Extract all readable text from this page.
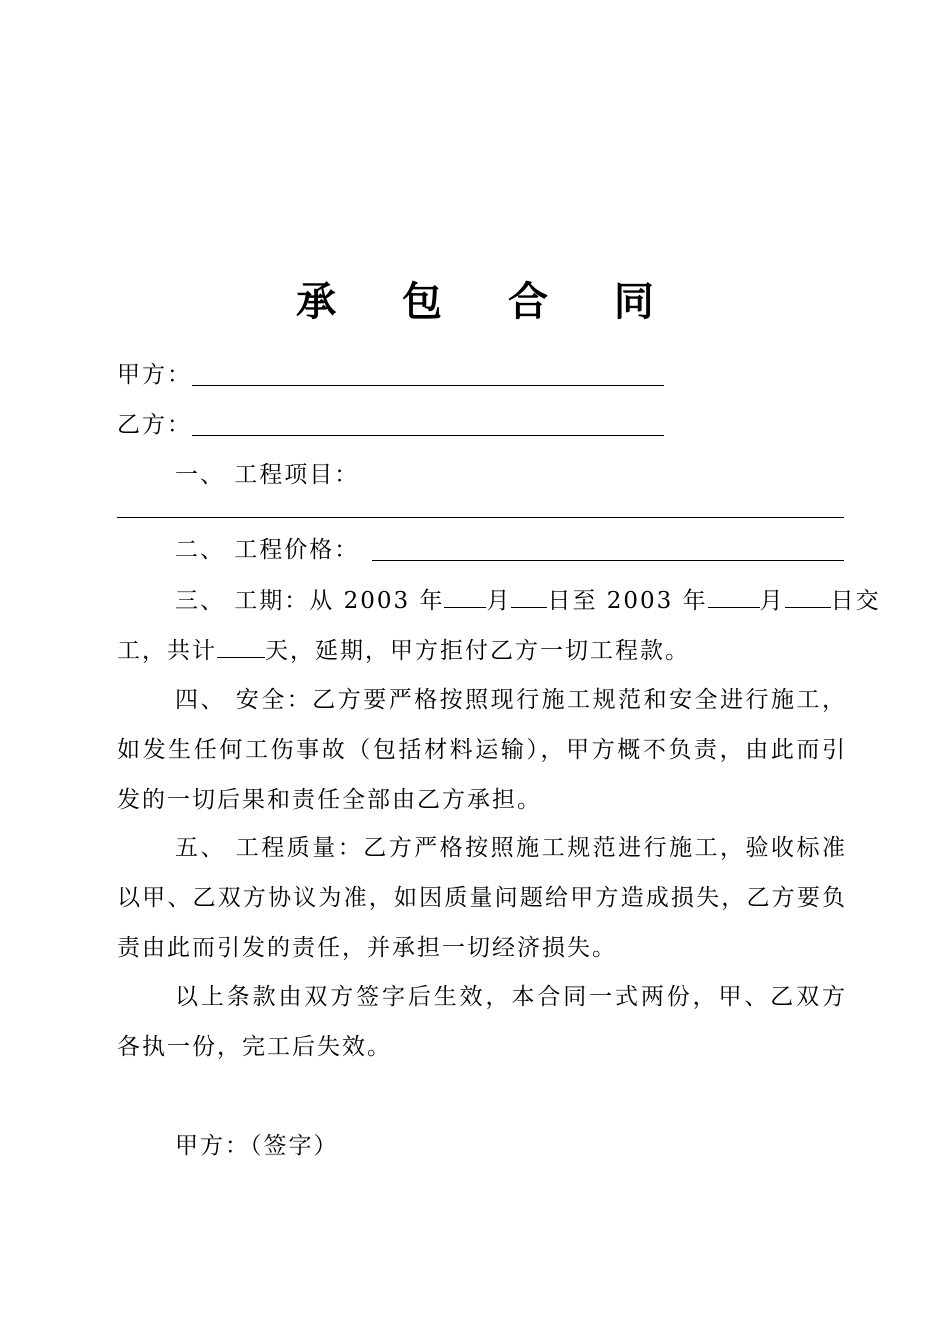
承 包 合 同
甲方：
乙方：
一、 工程项目：
二、 工程价格：
三、 工期：从 2003 年 月 日至 2003 年 月 日交
工，共计 天，延期，甲方拒付乙方一切工程款。
四、 安全：乙方要严格按照现行施工规范和安全进行施工，如发生任何工伤事故（包括材料运输），甲方概不负责，由此而引发的一切后果和责任全部由乙方承担。
五、 工程质量：乙方严格按照施工规范进行施工，验收标准以甲、乙双方协议为准，如因质量问题给甲方造成损失，乙方要负责由此而引发的责任，并承担一切经济损失。
以上条款由双方签字后生效，本合同一式两份，甲、乙双方各执一份，完工后失效。
甲方：（签字）
